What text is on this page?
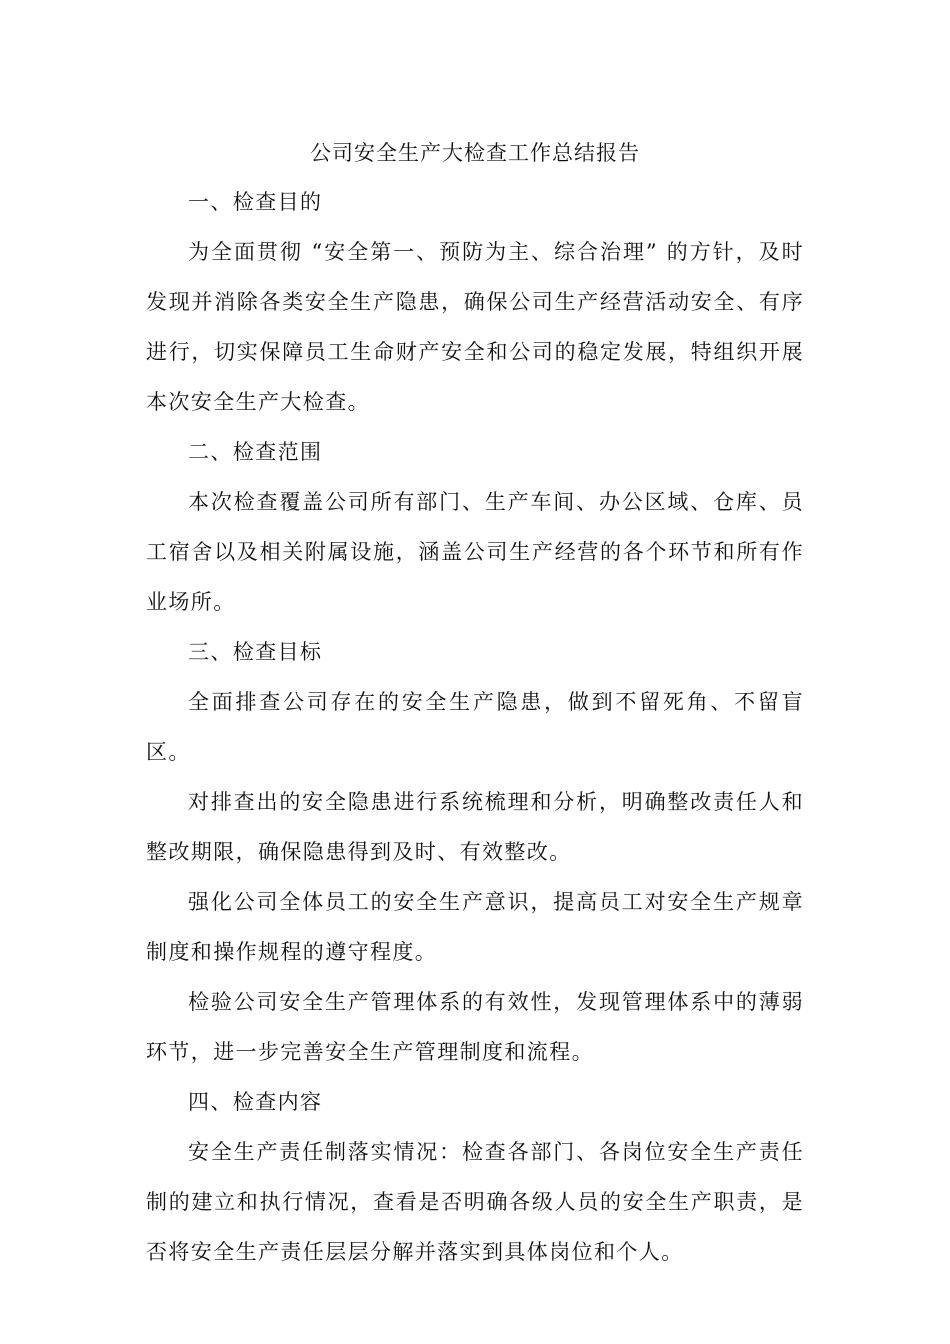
公司安全生产大检查工作总结报告
一、检查目的

为全面贯彻 “安全第一、预防为主、综合治理” 的方针，及时发现并消除各类安全生产隐患，确保公司生产经营活动安全、有序进行，切实保障员工生命财产安全和公司的稳定发展，特组织开展本次安全生产大检查。

二、检查范围

本次检查覆盖公司所有部门、生产车间、办公区域、仓库、员工宿舍以及相关附属设施，涵盖公司生产经营的各个环节和所有作业场所。

三、检查目标

全面排查公司存在的安全生产隐患，做到不留死角、不留盲区。

对排查出的安全隐患进行系统梳理和分析，明确整改责任人和整改期限，确保隐患得到及时、有效整改。

强化公司全体员工的安全生产意识，提高员工对安全生产规章制度和操作规程的遵守程度。

检验公司安全生产管理体系的有效性，发现管理体系中的薄弱环节，进一步完善安全生产管理制度和流程。

四、检查内容

安全生产责任制落实情况：检查各部门、各岗位安全生产责任制的建立和执行情况，查看是否明确各级人员的安全生产职责，是否将安全生产责任层层分解并落实到具体岗位和个人。
